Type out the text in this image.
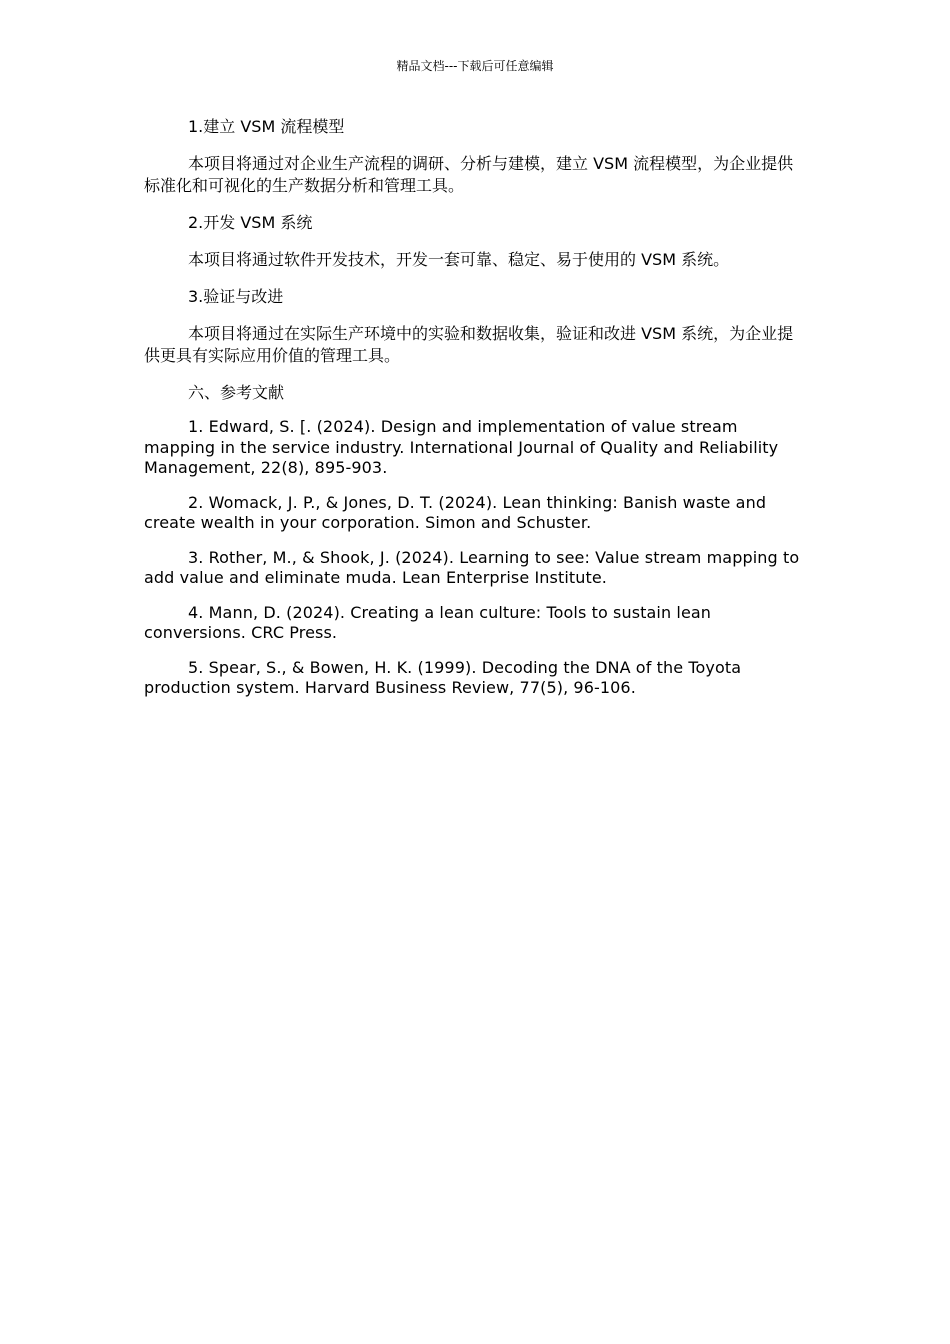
精品文档---下载后可任意编辑

1.建立 VSM 流程模型

本项目将通过对企业生产流程的调研、分析与建模，建立 VSM 流程模型，为企业提供标准化和可视化的生产数据分析和管理工具。

2.开发 VSM 系统

本项目将通过软件开发技术，开发一套可靠、稳定、易于使用的 VSM 系统。

3.验证与改进

本项目将通过在实际生产环境中的实验和数据收集，验证和改进 VSM 系统，为企业提供更具有实际应用价值的管理工具。

六、参考文献

1. Edward, S. [. (2024). Design and implementation of value stream mapping in the service industry. International Journal of Quality and Reliability Management, 22(8), 895-903.

2. Womack, J. P., & Jones, D. T. (2024). Lean thinking: Banish waste and create wealth in your corporation. Simon and Schuster.

3. Rother, M., & Shook, J. (2024). Learning to see: Value stream mapping to add value and eliminate muda. Lean Enterprise Institute.

4. Mann, D. (2024). Creating a lean culture: Tools to sustain lean conversions. CRC Press.

5. Spear, S., & Bowen, H. K. (1999). Decoding the DNA of the Toyota production system. Harvard Business Review, 77(5), 96-106.
